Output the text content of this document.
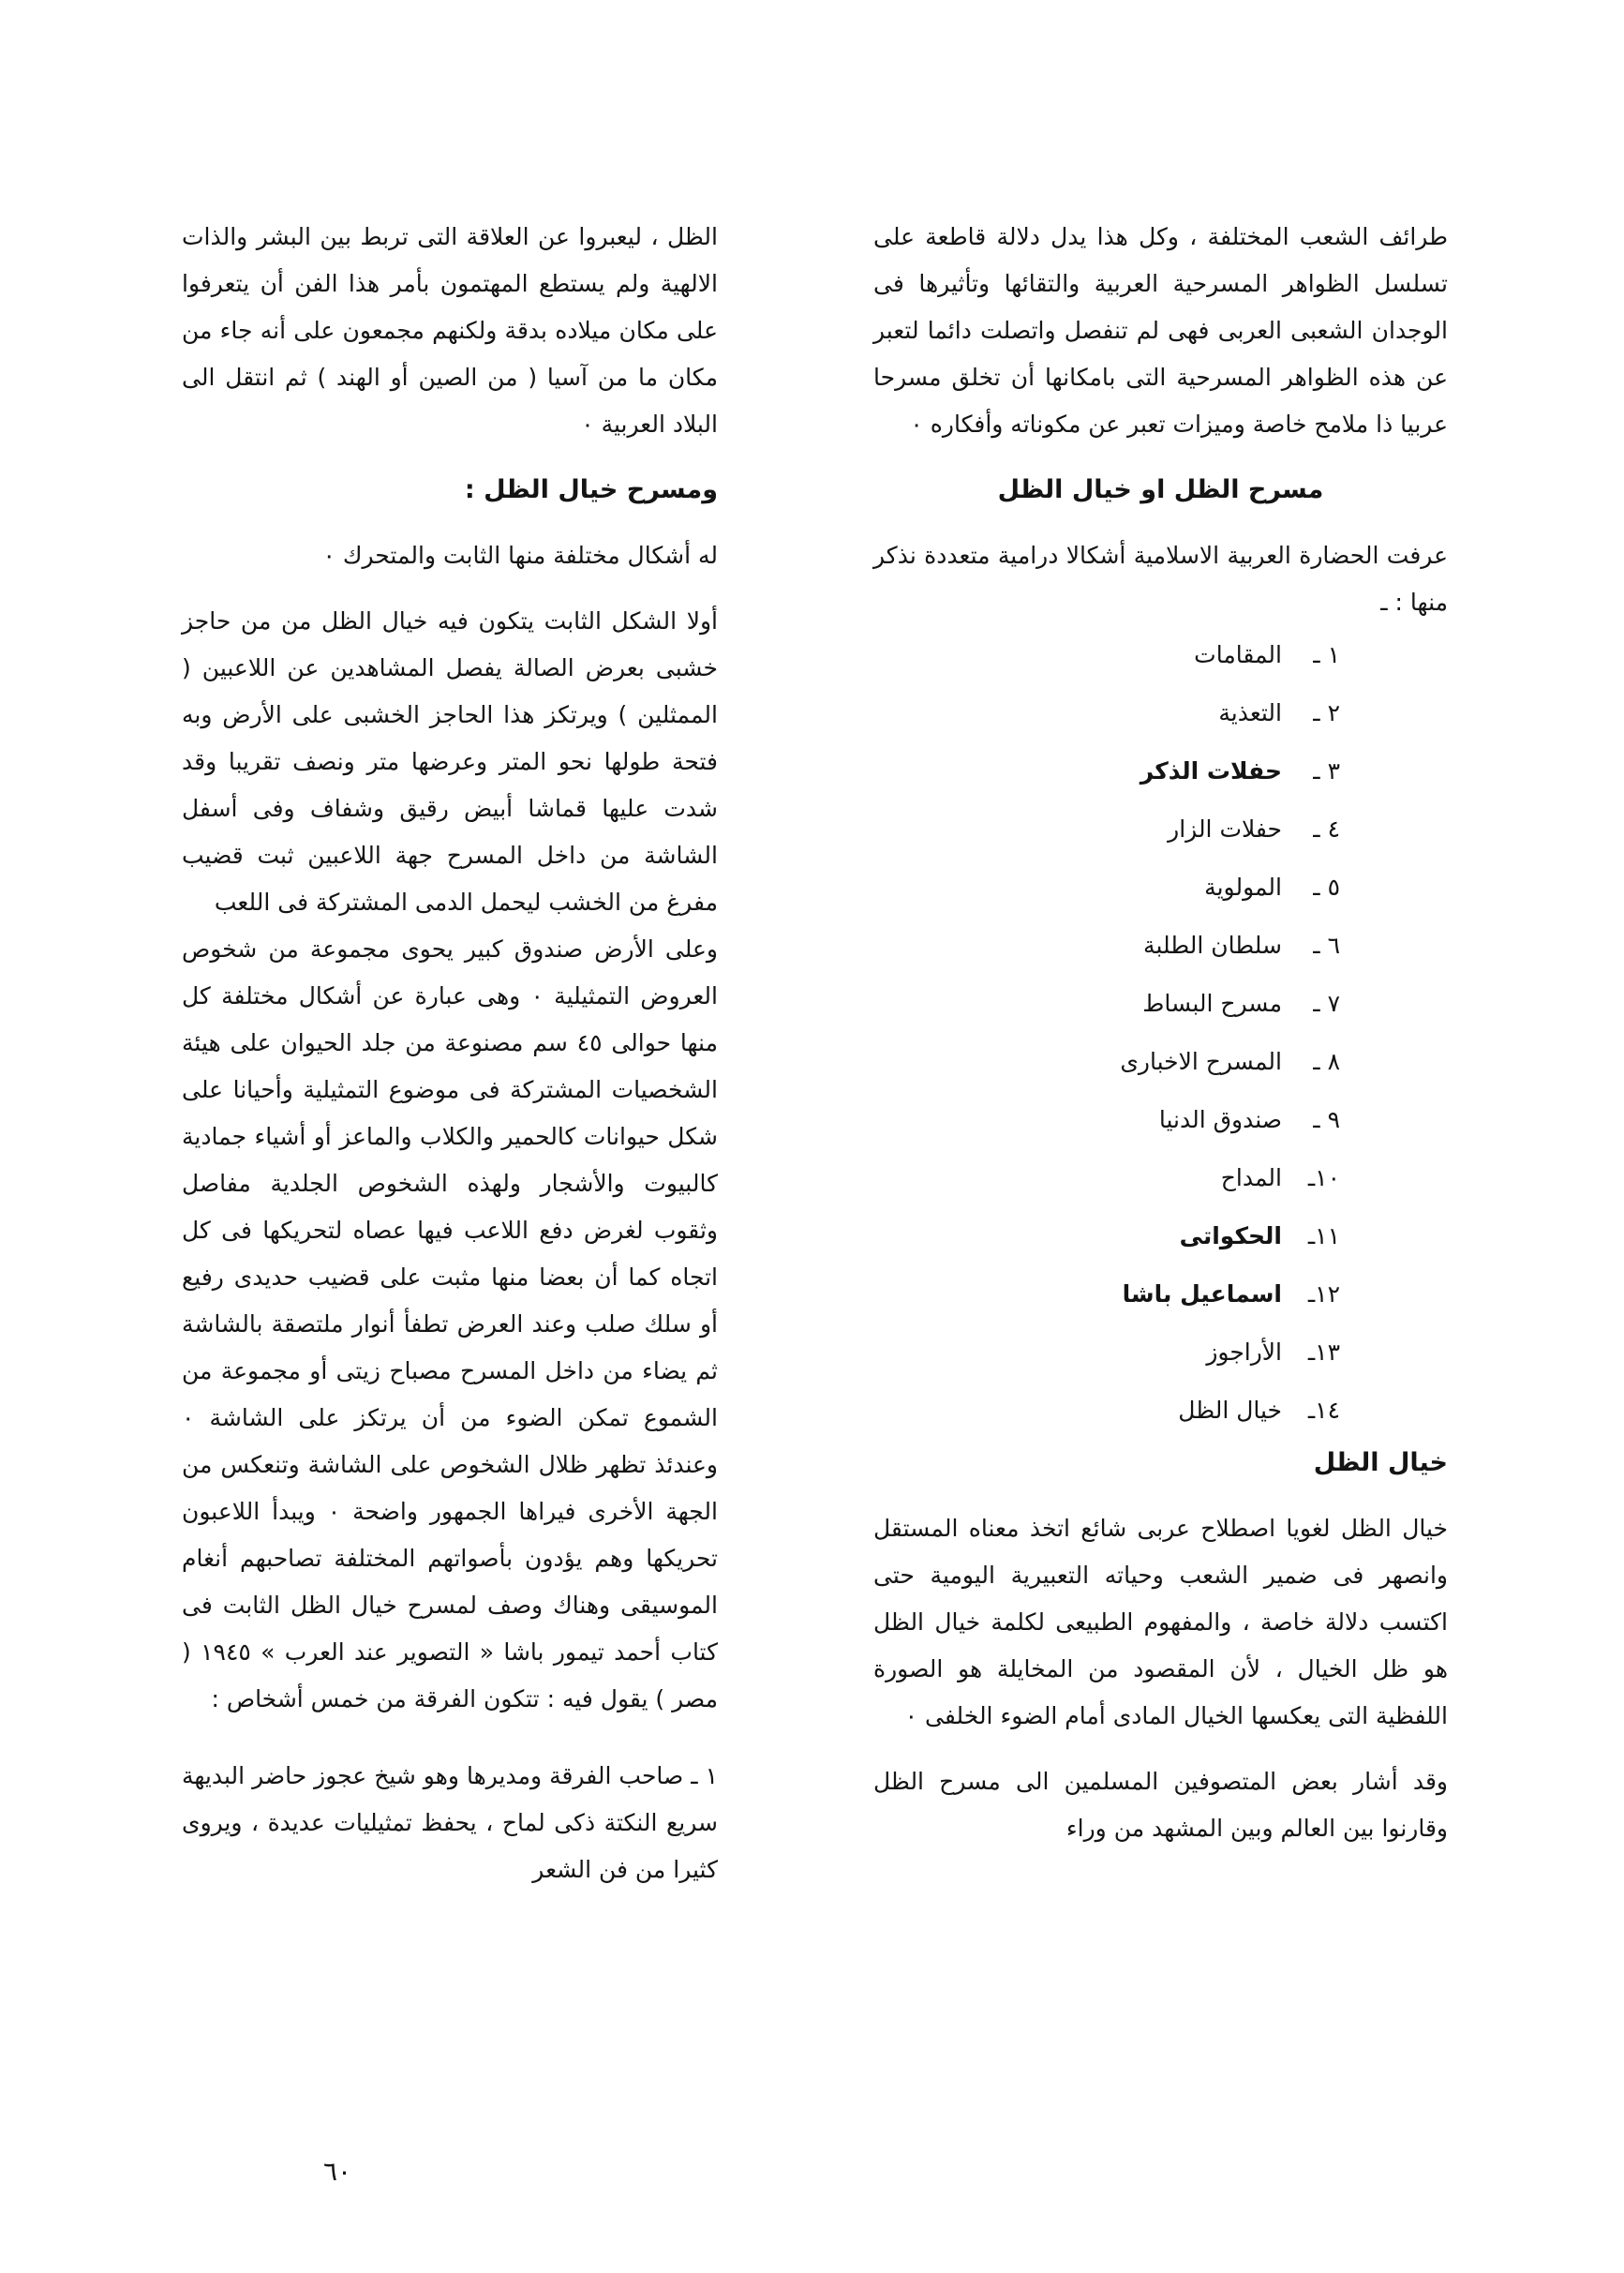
طرائف الشعب المختلفة ، وكل هذا يدل دلالة قاطعة على تسلسل الظواهر المسرحية العربية والتقائها وتأثيرها فى الوجدان الشعبى العربى فهى لم تنفصل واتصلت دائما لتعبر عن هذه الظواهر المسرحية التى بامكانها أن تخلق مسرحا عربيا ذا ملامح خاصة وميزات تعبر عن مكوناته وأفكاره ٠

مسرح الظل او خيال الظل

عرفت الحضارة العربية الاسلامية أشكالا درامية متعددة نذكر منها : ـ

١ ـالمقامات
٢ ـالتعذية
٣ ـحفلات الذكر
٤ ـحفلات الزار
٥ ـالمولوية
٦ ـسلطان الطلبة
٧ ـمسرح البساط
٨ ـالمسرح الاخبارى
٩ ـصندوق الدنيا
١٠ـالمداح
١١ـالحكواتى
١٢ـاسماعيل باشا
١٣ـالأراجوز
١٤ـخيال الظل

خيال الظل

خيال الظل لغويا اصطلاح عربى شائع اتخذ معناه المستقل وانصهر فى ضمير الشعب وحياته التعبيرية اليومية حتى اكتسب دلالة خاصة ، والمفهوم الطبيعى لكلمة خيال الظل هو ظل الخيال ، لأن المقصود من المخايلة هو الصورة اللفظية التى يعكسها الخيال المادى أمام الضوء الخلفى ٠

وقد أشار بعض المتصوفين المسلمين الى مسرح الظل وقارنوا بين العالم وبين المشهد من وراء

الظل ، ليعبروا عن العلاقة التى تربط بين البشر والذات الالهية ولم يستطع المهتمون بأمر هذا الفن أن يتعرفوا على مكان ميلاده بدقة ولكنهم مجمعون على أنه جاء من مكان ما من آسيا ( من الصين أو الهند ) ثم انتقل الى البلاد العربية ٠

ومسرح خيال الظل :

له أشكال مختلفة منها الثابت والمتحرك ٠

أولا الشكل الثابت يتكون فيه خيال الظل من من حاجز خشبى بعرض الصالة يفصل المشاهدين عن اللاعبين ( الممثلين ) ويرتكز هذا الحاجز الخشبى على الأرض وبه فتحة طولها نحو المتر وعرضها متر ونصف تقريبا وقد شدت عليها قماشا أبيض رقيق وشفاف وفى أسفل الشاشة من داخل المسرح جهة اللاعبين ثبت قضيب مفرغ من الخشب ليحمل الدمى المشتركة فى اللعب

وعلى الأرض صندوق كبير يحوى مجموعة من شخوص العروض التمثيلية ٠ وهى عبارة عن أشكال مختلفة كل منها حوالى ٤٥ سم مصنوعة من جلد الحيوان على هيئة الشخصيات المشتركة فى موضوع التمثيلية وأحيانا على شكل حيوانات كالحمير والكلاب والماعز أو أشياء جمادية كالبيوت والأشجار ولهذه الشخوص الجلدية مفاصل وثقوب لغرض دفع اللاعب فيها عصاه لتحريكها فى كل اتجاه كما أن بعضا منها مثبت على قضيب حديدى رفيع أو سلك صلب وعند العرض تطفأ أنوار ملتصقة بالشاشة ثم يضاء من داخل المسرح مصباح زيتى أو مجموعة من الشموع تمكن الضوء من أن يرتكز على الشاشة ٠ وعندئذ تظهر ظلال الشخوص على الشاشة وتنعكس من الجهة الأخرى فيراها الجمهور واضحة ٠ ويبدأ اللاعبون تحريكها وهم يؤدون بأصواتهم المختلفة تصاحبهم أنغام الموسيقى وهناك وصف لمسرح خيال الظل الثابت فى كتاب أحمد تيمور باشا « التصوير عند العرب » ١٩٤٥ ( مصر ) يقول فيه : تتكون الفرقة من خمس أشخاص :

١ ـ صاحب الفرقة ومديرها وهو شيخ عجوز حاضر البديهة سريع النكتة ذكى لماح ، يحفظ تمثيليات عديدة ، ويروى كثيرا من فن الشعر

٦٠
